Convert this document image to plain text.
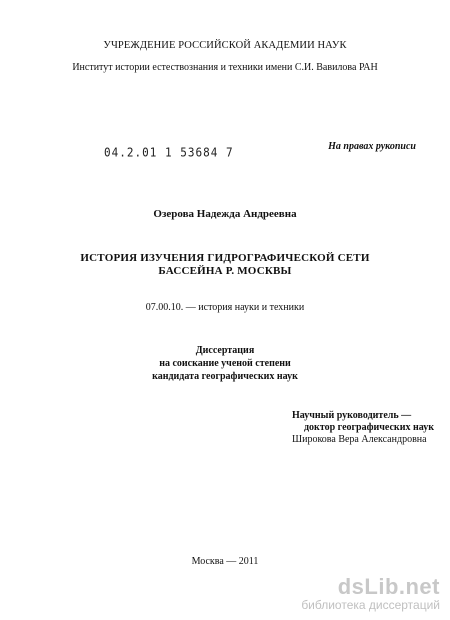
УЧРЕЖДЕНИЕ РОССИЙСКОЙ АКАДЕМИИ НАУК
Институт истории естествознания и техники имени С.И. Вавилова РАН
04.2.01 1 53684 7	На правах рукописи
Озерова Надежда Андреевна
ИСТОРИЯ ИЗУЧЕНИЯ ГИДРОГРАФИЧЕСКОЙ СЕТИ
БАССЕЙНА Р. МОСКВЫ
07.00.10. — история науки и техники
Диссертация
на соискание ученой степени
кандидата географических наук
Научный руководитель —
доктор географических наук
Широкова Вера Александровна
Москва — 2011
dsLib.net
библиотека диссертаций
